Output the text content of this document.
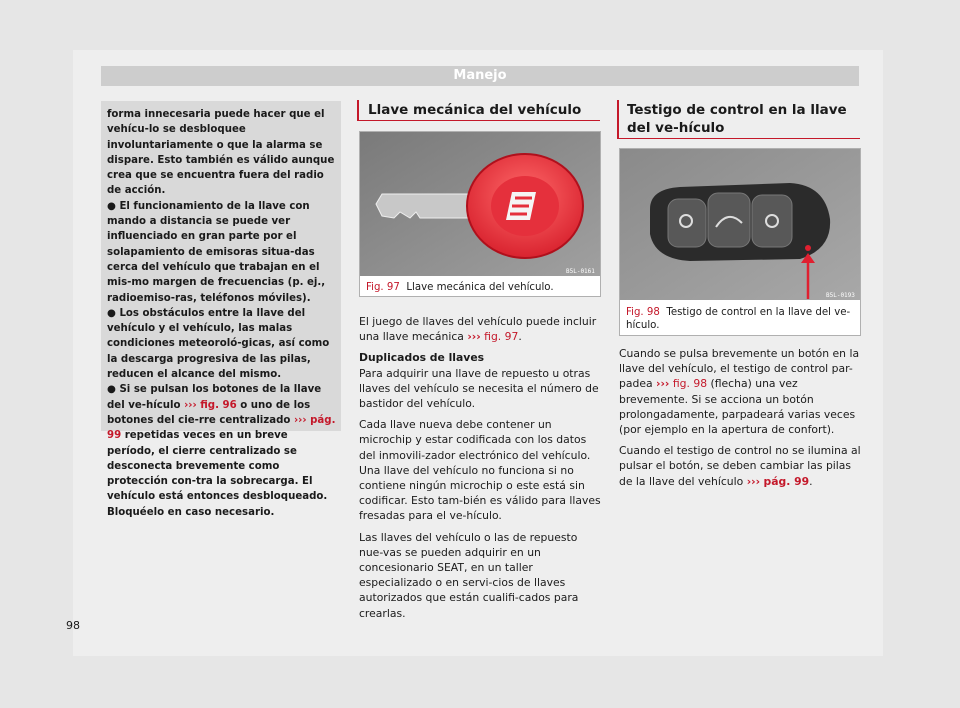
Manejo

forma innecesaria puede hacer que el vehícu-lo se desbloquee involuntariamente o que la alarma se dispare. Esto también es válido aunque crea que se encuentra fuera del radio de acción.

● El funcionamiento de la llave con mando a distancia se puede ver influenciado en gran parte por el solapamiento de emisoras situa-das cerca del vehículo que trabajan en el mis-mo margen de frecuencias (p. ej., radioemiso-ras, teléfonos móviles).

● Los obstáculos entre la llave del vehículo y el vehículo, las malas condiciones meteoroló-gicas, así como la descarga progresiva de las pilas, reducen el alcance del mismo.

● Si se pulsan los botones de la llave del ve-hículo ››› fig. 96 o uno de los botones del cie-rre centralizado ››› pág. 99 repetidas veces en un breve período, el cierre centralizado se desconecta brevemente como protección con-tra la sobrecarga. El vehículo está entonces desbloqueado. Bloquéelo en caso necesario.

Llave mecánica del vehículo
B5L-0161
Fig. 97 Llave mecánica del vehículo.

El juego de llaves del vehículo puede incluir una llave mecánica ››› fig. 97.

Duplicados de llaves

Para adquirir una llave de repuesto u otras llaves del vehículo se necesita el número de bastidor del vehículo.

Cada llave nueva debe contener un microchip y estar codificada con los datos del inmovili-zador electrónico del vehículo. Una llave del vehículo no funciona si no contiene ningún microchip o este está sin codificar. Esto tam-bién es válido para llaves fresadas para el ve-hículo.

Las llaves del vehículo o las de repuesto nue-vas se pueden adquirir en un concesionario SEAT, en un taller especializado o en servi-cios de llaves autorizados que están cualifi-cados para crearlas.

Testigo de control en la llave del ve-hículo
B5L-0193
Fig. 98 Testigo de control en la llave del ve-hículo.

Cuando se pulsa brevemente un botón en la llave del vehículo, el testigo de control par-padea ››› fig. 98 (flecha) una vez brevemente. Si se acciona un botón prolongadamente, parpadeará varias veces (por ejemplo en la apertura de confort).

Cuando el testigo de control no se ilumina al pulsar el botón, se deben cambiar las pilas de la llave del vehículo ››› pág. 99.

98
